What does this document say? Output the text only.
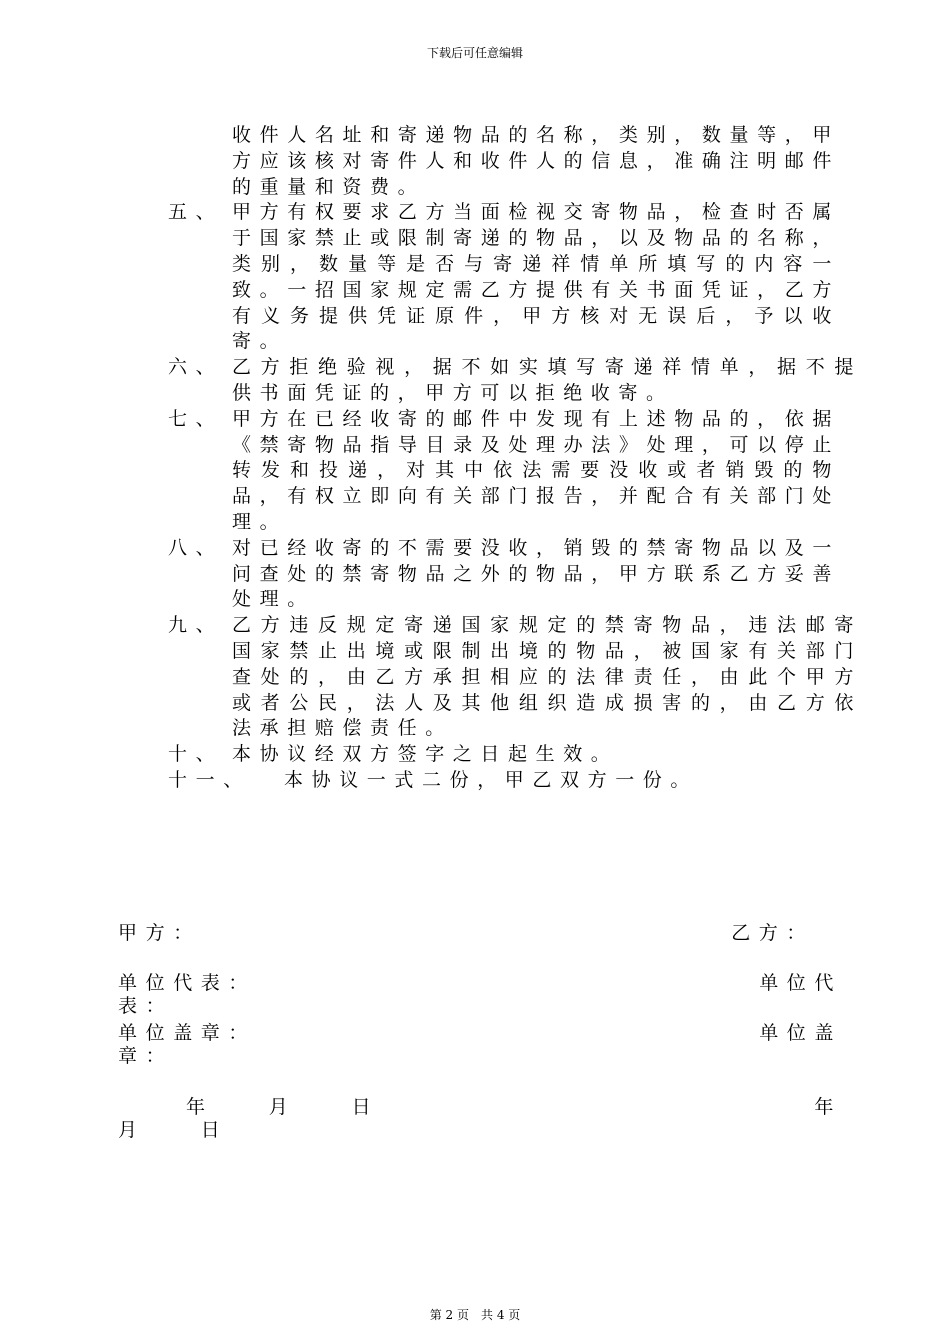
下载后可任意编辑
收件人名址和寄递物品的名称，类别，数量等，甲方应该核对寄件人和收件人的信息，准确注明邮件的重量和资费。
五、 甲方有权要求乙方当面检视交寄物品，检查时否属于国家禁止或限制寄递的物品，以及物品的名称，类别，数量等是否与寄递祥情单所填写的内容一致。一招国家规定需乙方提供有关书面凭证，乙方有义务提供凭证原件，甲方核对无误后，予以收寄。
六、 乙方拒绝验视，据不如实填写寄递祥情单，据不提供书面凭证的，甲方可以拒绝收寄。
七、 甲方在已经收寄的邮件中发现有上述物品的，依据《禁寄物品指导目录及处理办法》处理，可以停止转发和投递，对其中依法需要没收或者销毁的物品，有权立即向有关部门报告，并配合有关部门处理。
八、 对已经收寄的不需要没收，销毁的禁寄物品以及一问查处的禁寄物品之外的物品，甲方联系乙方妥善处理。
九、 乙方违反规定寄递国家规定的禁寄物品，违法邮寄国家禁止出境或限制出境的物品，被国家有关部门查处的，由乙方承担相应的法律责任，由此个甲方或者公民，法人及其他组织造成损害的，由乙方依法承担赔偿责任。
十、 本协议经双方签字之日起生效。
十一、 本协议一式二份，甲乙双方一份。
甲方：	乙方：
单位代表：	单位代
表：
单位盖章：	单位盖
章：
年　　月　　日	年
月　　日
第 2 页　共 4 页
